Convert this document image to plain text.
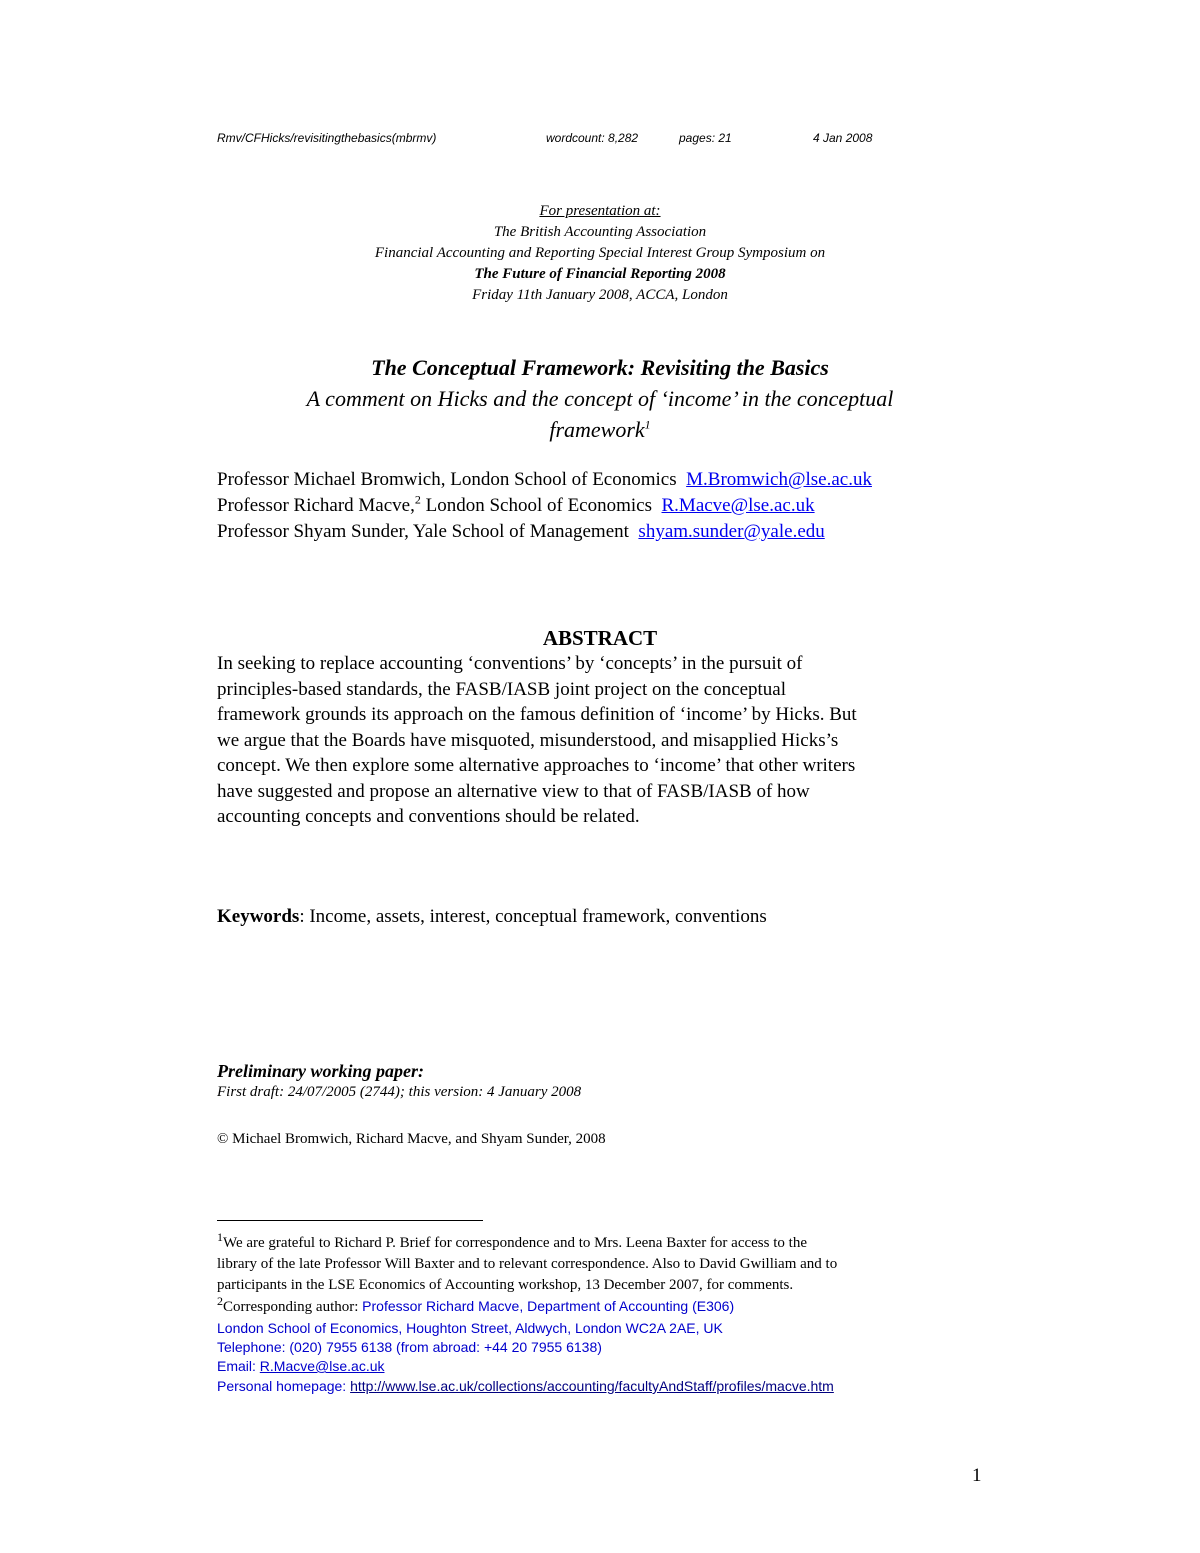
Rmv/CFHicks/revisitingthebasics(mbrmv)	wordcount: 8,282	pages: 21	4 Jan 2008
For presentation at:
The British Accounting Association
Financial Accounting and Reporting Special Interest Group Symposium on
The Future of Financial Reporting 2008
Friday 11th January 2008, ACCA, London
The Conceptual Framework: Revisiting the Basics
A comment on Hicks and the concept of ‘income’ in the conceptual
framework$^1$
Professor Michael Bromwich, London School of Economics M.Bromwich@lse.ac.uk
Professor Richard Macve,$^2$ London School of Economics R.Macve@lse.ac.uk
Professor Shyam Sunder, Yale School of Management shyam.sunder@yale.edu
ABSTRACT
In seeking to replace accounting ‘conventions’ by ‘concepts’ in the pursuit of
principles-based standards, the FASB/IASB joint project on the conceptual
framework grounds its approach on the famous definition of ‘income’ by Hicks. But
we argue that the Boards have misquoted, misunderstood, and misapplied Hicks’s
concept. We then explore some alternative approaches to ‘income’ that other writers
have suggested and propose an alternative view to that of FASB/IASB of how
accounting concepts and conventions should be related.
Keywords: Income, assets, interest, conceptual framework, conventions
Preliminary working paper:
First draft: 24/07/2005 (2744); this version: 4 January 2008
© Michael Bromwich, Richard Macve, and Shyam Sunder, 2008
$^1$We are grateful to Richard P. Brief for correspondence and to Mrs. Leena Baxter for access to the
library of the late Professor Will Baxter and to relevant correspondence. Also to David Gwilliam and to
participants in the LSE Economics of Accounting workshop, 13 December 2007, for comments.
$^2$Corresponding author: Professor Richard Macve, Department of Accounting (E306)
London School of Economics, Houghton Street, Aldwych, London WC2A 2AE, UK
Telephone: (020) 7955 6138 (from abroad: +44 20 7955 6138)
Email: R.Macve@lse.ac.uk
Personal homepage: http://www.lse.ac.uk/collections/accounting/facultyAndStaff/profiles/macve.htm
1
